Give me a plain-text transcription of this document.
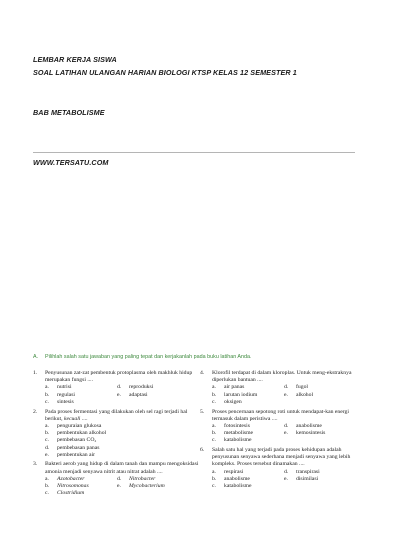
LEMBAR KERJA SISWA
SOAL LATIHAN ULANGAN HARIAN BIOLOGI KTSP KELAS 12 SEMESTER 1
BAB METABOLISME
WWW.TERSATU.COM
A. Pilihlah salah satu jawaban yang paling tepat dan kerjakanlah pada buku latihan Anda.
1. Penyusunan zat-zat pembentuk protoplasma oleh makhluk hidup merupakan fungsi ....
a. nutrisi	d. reproduksi
b. regulasi	e. adaptasi
c. sintesis
2. Pada proses fermentasi yang dilakukan oleh sel ragi terjadi hal berikut, kecuali ....
a. penguraian glukosa
b. pembentukan alkohol
c. pembebasan CO₂
d. pembebasan panas
e. pembentukan air
3. Bakteri aerob yang hidup di dalam tanah dan mampu mengoksidasi amonia menjadi senyawa nitrit atau nitrat adalah ....
a. Azotobacter	d. Nitrobacter
b. Nitrosomonas	e. Mycobacterium
c. Clostridium
4. Klorofil terdapat di dalam kloroplas. Untuk meng-ekstraknya diperlukan bantuan ....
a. air panas	d. fugol
b. larutan iodium	e. alkohol
c. oksigen
5. Proses pencernaan sepotong roti untuk mendapat-kan energi termasuk dalam peristiwa ....
a. fotosintesis	d. anabolisme
b. metabolisme	e. kemosintesis
c. katabolisme
6. Salah satu hal yang terjadi pada proses kehidupan adalah penyusunan senyawa sederhana menjadi senyawa yang lebih kompleks. Proses tersebut dinamakan ....
a. respirasi	d. transpirasi
b. anabolisme	e. disimilasi
c. katabolisme
